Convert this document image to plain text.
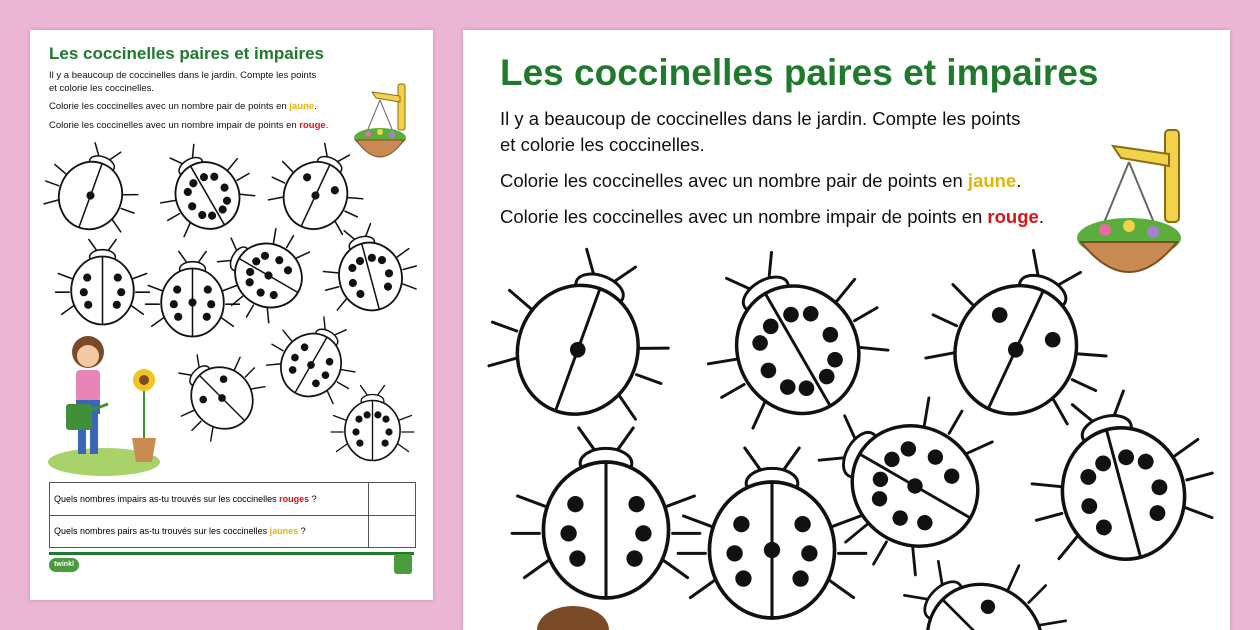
Les coccinelles paires et impaires
Il y a beaucoup de coccinelles dans le jardin. Compte les points
et colorie les coccinelles.
Colorie les coccinelles avec un nombre pair de points en jaune.
Colorie les coccinelles avec un nombre impair de points en rouge.
Quels nombres impairs as-tu trouvés sur les coccinelles rouges ?
Quels nombres pairs as-tu trouvés sur les coccinelles jaunes ?
twinkl
Les coccinelles paires et impaires
Il y a beaucoup de coccinelles dans le jardin. Compte les points
et colorie les coccinelles.
Colorie les coccinelles avec un nombre pair de points en jaune.
Colorie les coccinelles avec un nombre impair de points en rouge.
